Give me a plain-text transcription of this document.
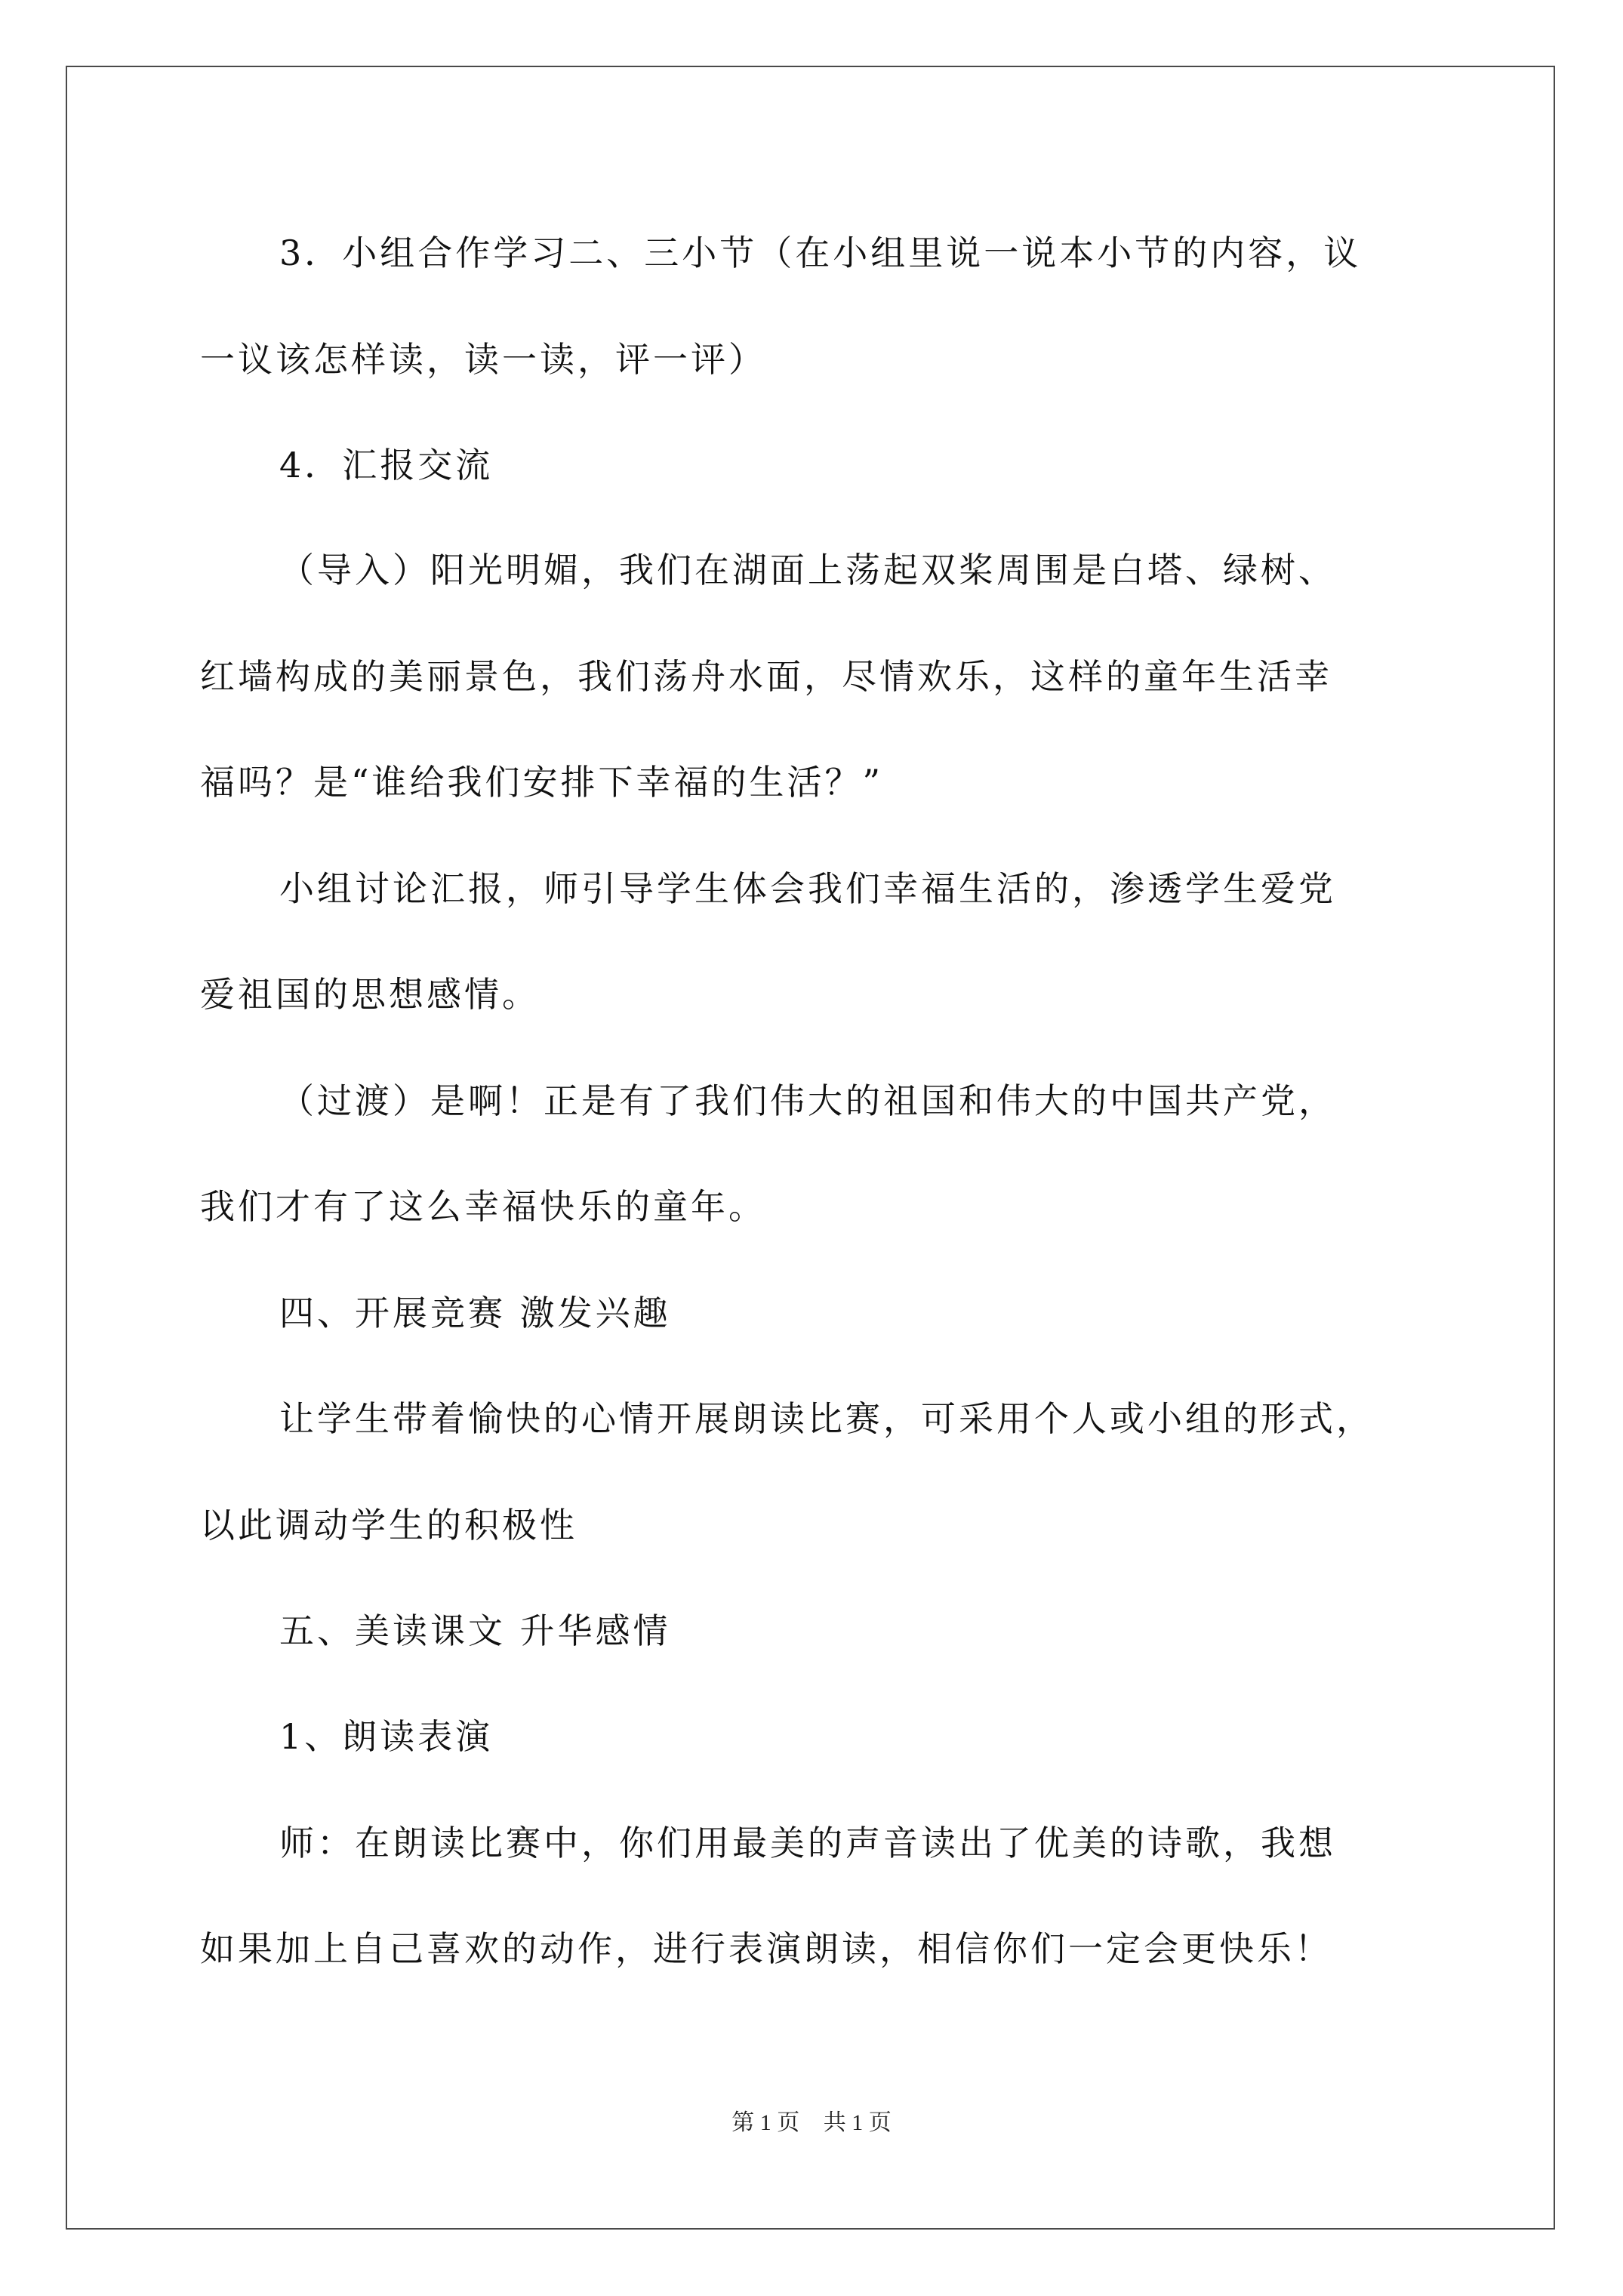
3．小组合作学习二、三小节（在小组里说一说本小节的内容，议
一议该怎样读，读一读，评一评）
4．汇报交流
（导入）阳光明媚，我们在湖面上荡起双桨周围是白塔、绿树、
红墙构成的美丽景色，我们荡舟水面，尽情欢乐，这样的童年生活幸
福吗？是“谁给我们安排下幸福的生活？”
小组讨论汇报，师引导学生体会我们幸福生活的，渗透学生爱党
爱祖国的思想感情。
（过渡）是啊！正是有了我们伟大的祖国和伟大的中国共产党，
我们才有了这么幸福快乐的童年。
四、开展竞赛 激发兴趣
让学生带着愉快的心情开展朗读比赛，可采用个人或小组的形式，
以此调动学生的积极性
五、美读课文 升华感情
1、朗读表演
师：在朗读比赛中，你们用最美的声音读出了优美的诗歌，我想
如果加上自己喜欢的动作，进行表演朗读，相信你们一定会更快乐！
第 1 页 共 1 页
